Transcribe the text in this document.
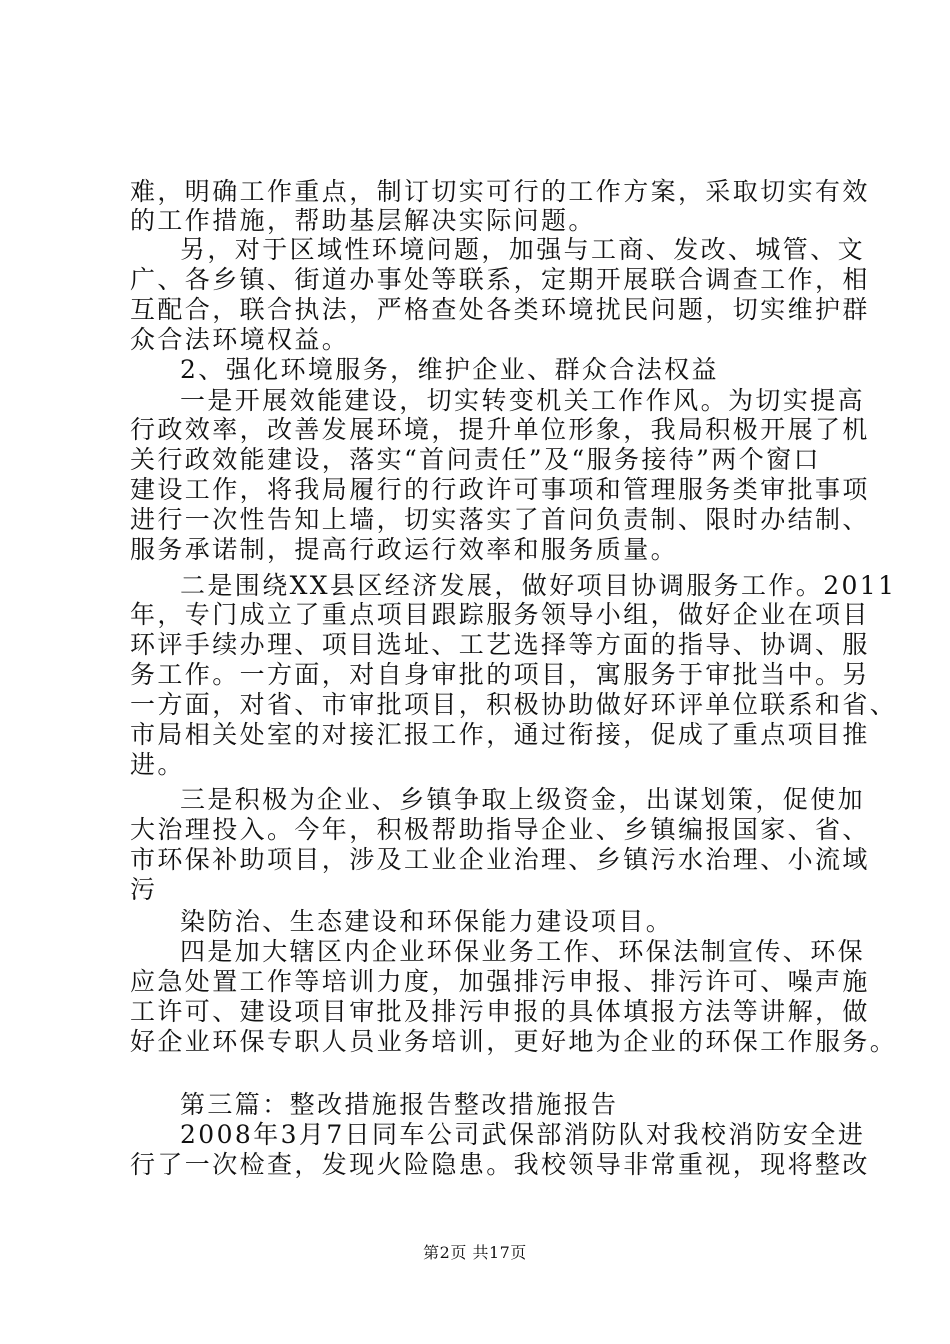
难，明确工作重点，制订切实可行的工作方案，采取切实有效
的工作措施，帮助基层解决实际问题。
另，对于区域性环境问题，加强与工商、发改、城管、文
广、各乡镇、街道办事处等联系，定期开展联合调查工作，相
互配合，联合执法，严格查处各类环境扰民问题，切实维护群
众合法环境权益。
2、强化环境服务，维护企业、群众合法权益
一是开展效能建设，切实转变机关工作作风。为切实提高
行政效率，改善发展环境，提升单位形象，我局积极开展了机
关行政效能建设，落实“首问责任”及“服务接待”两个窗口
建设工作，将我局履行的行政许可事项和管理服务类审批事项
进行一次性告知上墙，切实落实了首问负责制、限时办结制、
服务承诺制，提高行政运行效率和服务质量。
二是围绕XX县区经济发展，做好项目协调服务工作。2011
年，专门成立了重点项目跟踪服务领导小组，做好企业在项目
环评手续办理、项目选址、工艺选择等方面的指导、协调、服
务工作。一方面，对自身审批的项目，寓服务于审批当中。另
一方面，对省、市审批项目，积极协助做好环评单位联系和省、
市局相关处室的对接汇报工作，通过衔接，促成了重点项目推
进。
三是积极为企业、乡镇争取上级资金，出谋划策，促使加
大治理投入。今年，积极帮助指导企业、乡镇编报国家、省、
市环保补助项目，涉及工业企业治理、乡镇污水治理、小流域
污
染防治、生态建设和环保能力建设项目。
四是加大辖区内企业环保业务工作、环保法制宣传、环保
应急处置工作等培训力度，加强排污申报、排污许可、噪声施
工许可、建设项目审批及排污申报的具体填报方法等讲解，做
好企业环保专职人员业务培训，更好地为企业的环保工作服务。
第三篇：整改措施报告整改措施报告
2008年3月7日同车公司武保部消防队对我校消防安全进
行了一次检查，发现火险隐患。我校领导非常重视，现将整改
第2页 共17页
